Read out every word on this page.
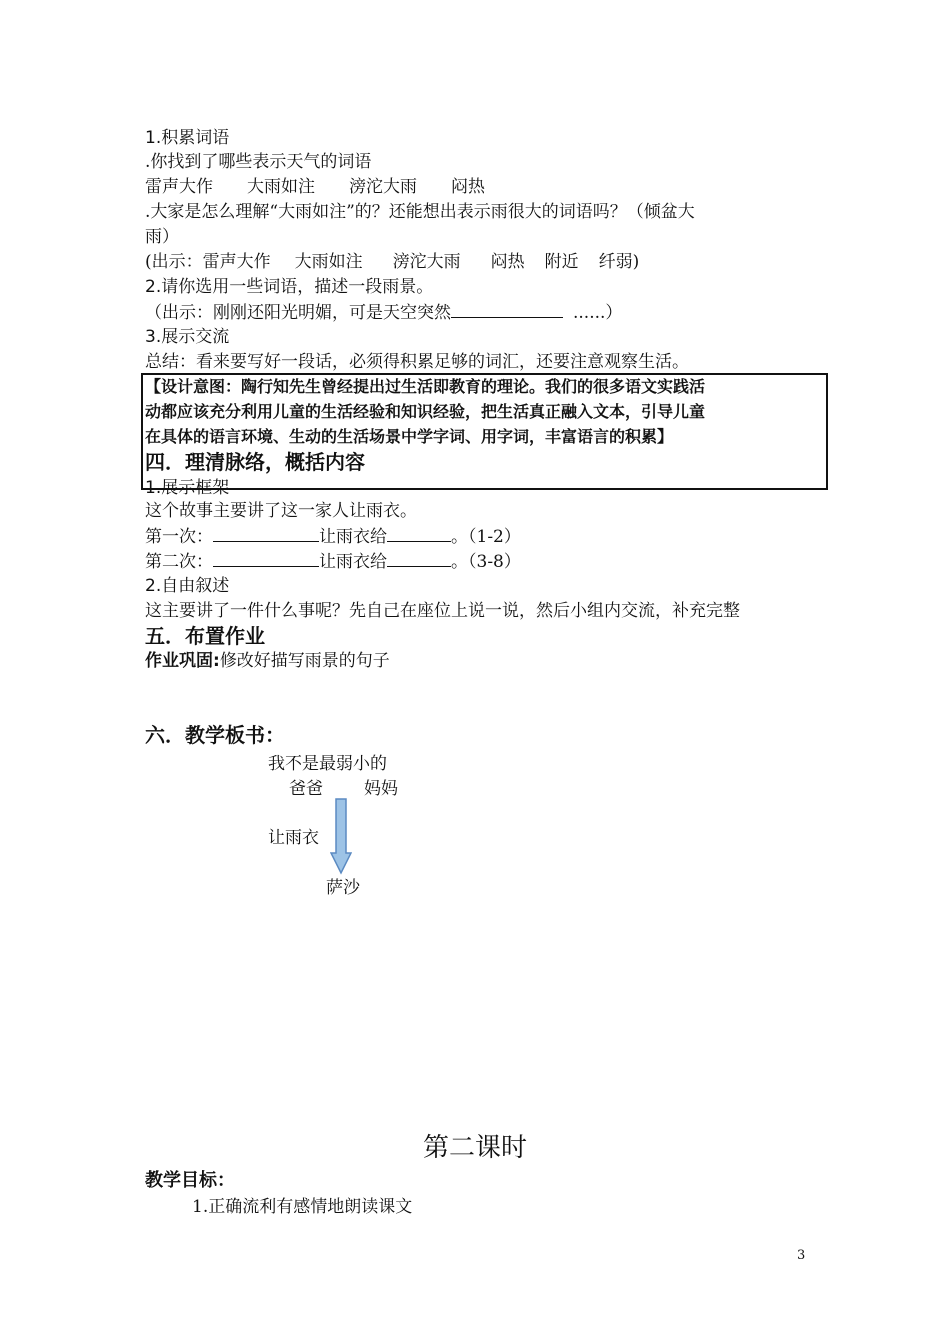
1.积累词语
.你找到了哪些表示天气的词语
雷声大作 大雨如注 滂沱大雨 闷热
.大家是怎么理解“大雨如注”的？还能想出表示雨很大的词语吗？（倾盆大
雨）
(出示：雷声大作 大雨如注 滂沱大雨 闷热 附近 纤弱)
2.请你选用一些词语，描述一段雨景。
（出示：刚刚还阳光明媚，可是天空突然	......）
3.展示交流
总结：看来要写好一段话，必须得积累足够的词汇，还要注意观察生活。
【设计意图：陶行知先生曾经提出过生活即教育的理论。我们的很多语文实践活
动都应该充分利用儿童的生活经验和知识经验，把生活真正融入文本，引导儿童
在具体的语言环境、生动的生活场景中学字词、用字词，丰富语言的积累】
四．理清脉络，概括内容
1.展示框架
这个故事主要讲了这一家人让雨衣。
第一次：	让雨衣给	。（1-2）
第二次：	让雨衣给	。（3-8）
2.自由叙述
这主要讲了一件什么事呢？先自己在座位上说一说，然后小组内交流，补充完整
五．布置作业
作业巩固:修改好描写雨景的句子
六．教学板书：
我不是最弱小的
爸爸 妈妈
让雨衣
萨沙
第二课时
教学目标：
1.正确流利有感情地朗读课文
3
